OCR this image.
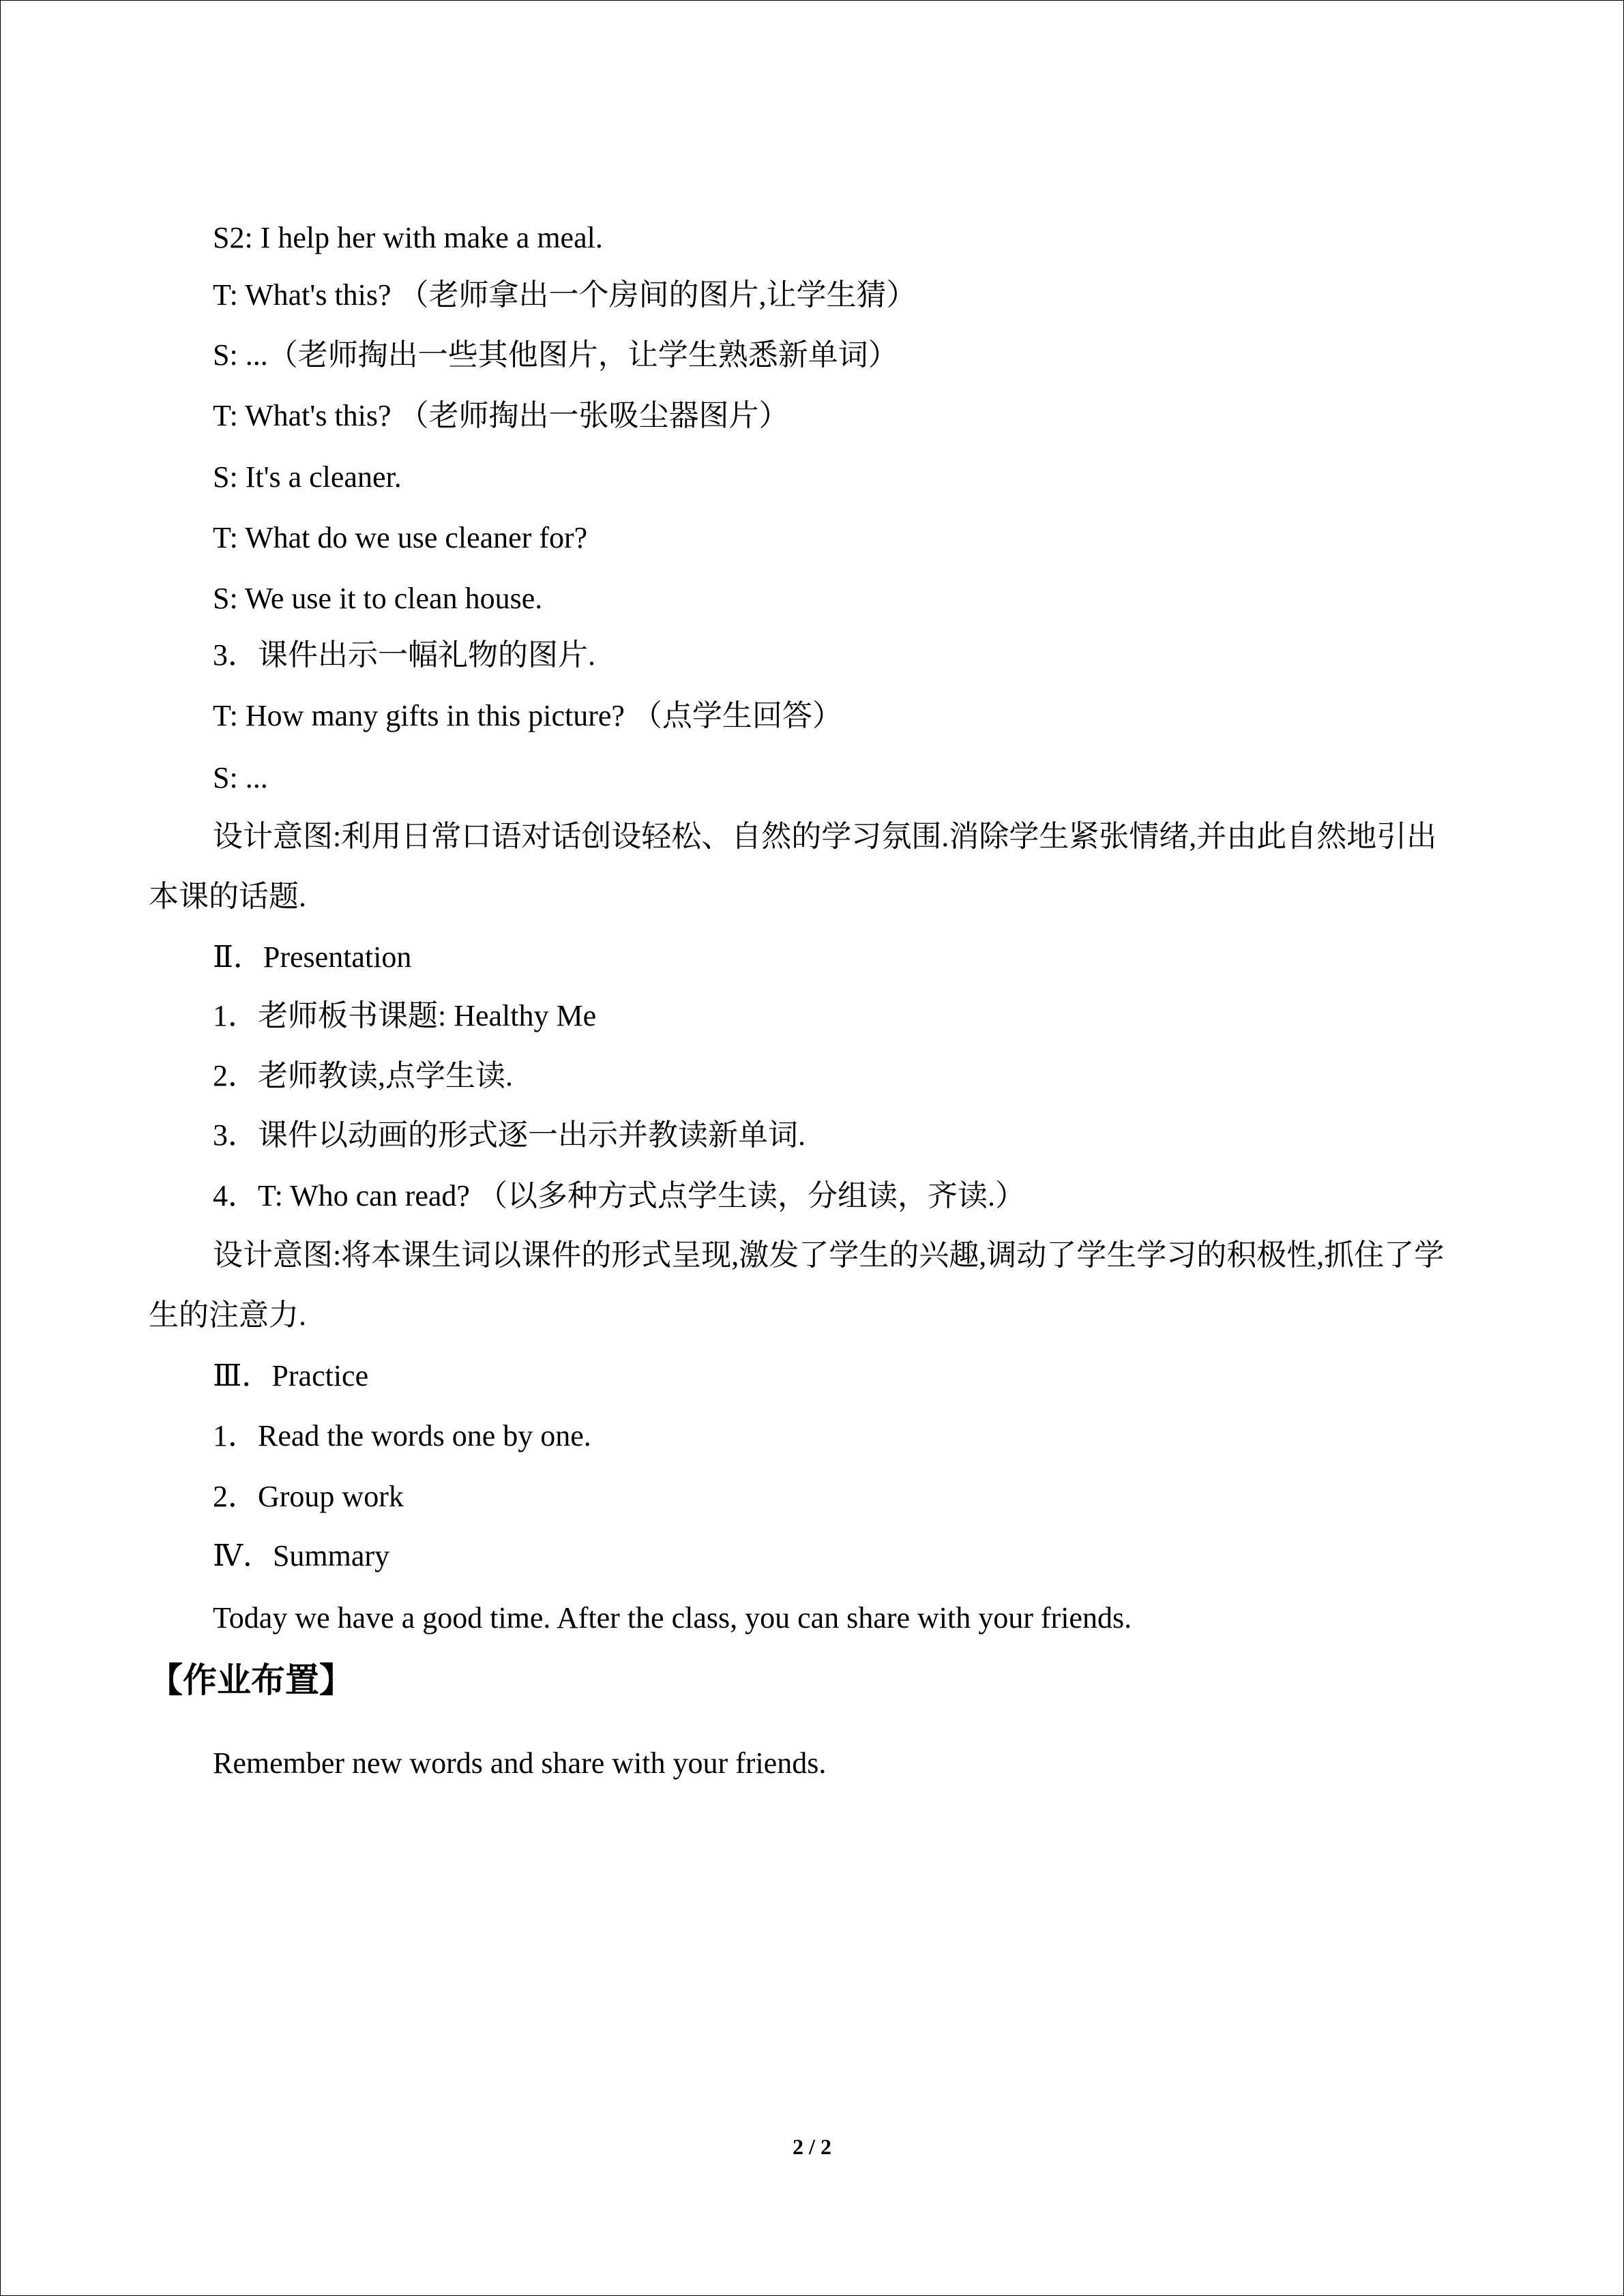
S2: I help her with make a meal.
T: What's this? （老师拿出一个房间的图片,让学生猜）
S: ...（老师掏出一些其他图片，让学生熟悉新单词）
T: What's this? （老师掏出一张吸尘器图片）
S: It's a cleaner.
T: What do we use cleaner for?
S: We use it to clean house.
3．课件出示一幅礼物的图片.
T: How many gifts in this picture? （点学生回答）
S: ...
设计意图:利用日常口语对话创设轻松、自然的学习氛围.消除学生紧张情绪,并由此自然地引出本课的话题.
Ⅱ．Presentation
1．老师板书课题: Healthy Me
2．老师教读,点学生读.
3．课件以动画的形式逐一出示并教读新单词.
4．T: Who can read? （以多种方式点学生读，分组读，齐读.）
设计意图:将本课生词以课件的形式呈现,激发了学生的兴趣,调动了学生学习的积极性,抓住了学生的注意力.
Ⅲ．Practice
1．Read the words one by one.
2．Group work
Ⅳ．Summary
Today we have a good time. After the class, you can share with your friends.
【作业布置】
Remember new words and share with your friends.
2 / 2
